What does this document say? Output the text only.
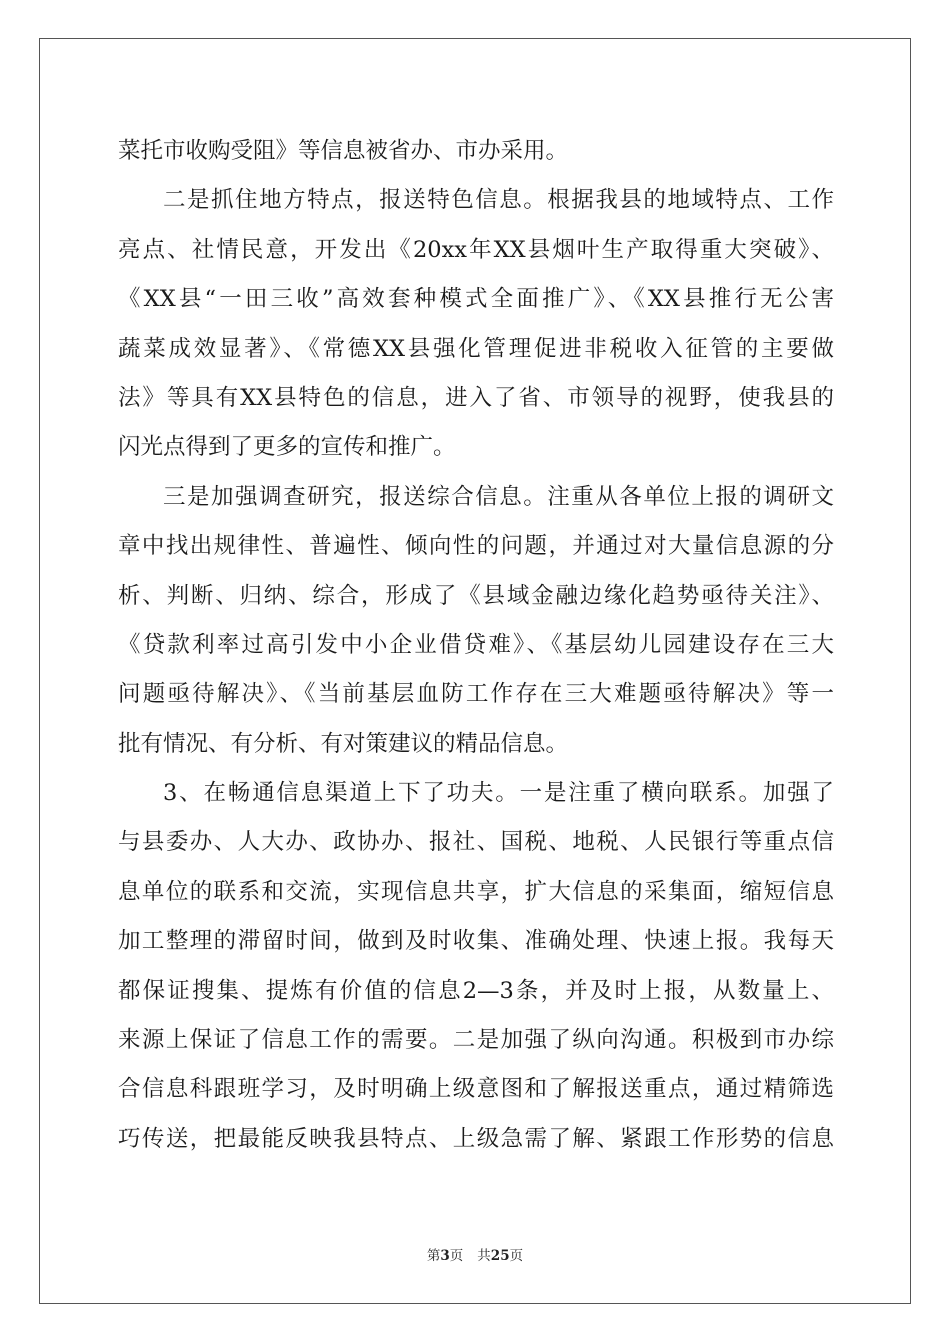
菜托市收购受阻》等信息被省办、市办采用。
二是抓住地方特点，报送特色信息。根据我县的地域特点、工作
亮点、社情民意，开发出《20xx年XX县烟叶生产取得重大突破》、
《XX县“一田三收”高效套种模式全面推广》、《XX县推行无公害
蔬菜成效显著》、《常德XX县强化管理促进非税收入征管的主要做
法》等具有XX县特色的信息，进入了省、市领导的视野，使我县的
闪光点得到了更多的宣传和推广。
三是加强调查研究，报送综合信息。注重从各单位上报的调研文
章中找出规律性、普遍性、倾向性的问题，并通过对大量信息源的分
析、判断、归纳、综合，形成了《县域金融边缘化趋势亟待关注》、
《贷款利率过高引发中小企业借贷难》、《基层幼儿园建设存在三大
问题亟待解决》、《当前基层血防工作存在三大难题亟待解决》等一
批有情况、有分析、有对策建议的精品信息。
3、在畅通信息渠道上下了功夫。一是注重了横向联系。加强了
与县委办、人大办、政协办、报社、国税、地税、人民银行等重点信
息单位的联系和交流，实现信息共享，扩大信息的采集面，缩短信息
加工整理的滞留时间，做到及时收集、准确处理、快速上报。我每天
都保证搜集、提炼有价值的信息2—3条，并及时上报，从数量上、
来源上保证了信息工作的需要。二是加强了纵向沟通。积极到市办综
合信息科跟班学习，及时明确上级意图和了解报送重点，通过精筛选
巧传送，把最能反映我县特点、上级急需了解、紧跟工作形势的信息
第3页 共25页
